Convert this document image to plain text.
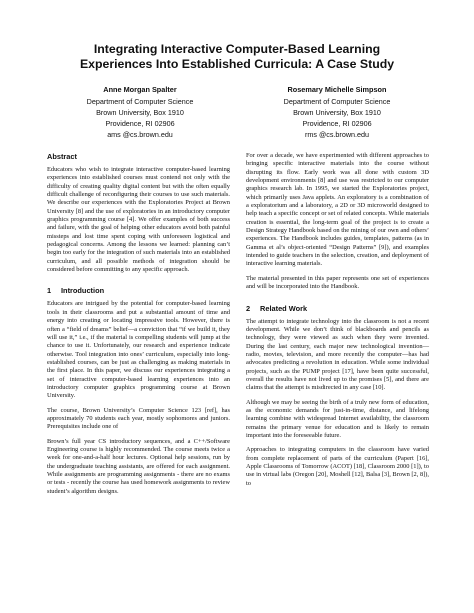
Integrating Interactive Computer-Based Learning
Experiences Into Established Curricula: A Case Study
Anne Morgan Spalter
Department of Computer Science
Brown University, Box 1910
Providence, RI 02906
ams @cs.brown.edu
Rosemary Michelle Simpson
Department of Computer Science
Brown University, Box 1910
Providence, RI 02906
rms @cs.brown.edu
Abstract

Educators who wish to integrate interactive computer-based learning experiences into established courses must contend not only with the difficulty of creating quality digital content but with the often equally difficult challenge of reconfiguring their courses to use such materials. We describe our experiences with the Exploratories Project at Brown University [8] and the use of exploratories in an introductory computer graphics programming course [4]. We offer examples of both success and failure, with the goal of helping other educators avoid both painful missteps and lost time spent coping with unforeseen logistical and pedagogical concerns. Among the lessons we learned: planning can’t begin too early for the integration of such materials into an established curriculum, and all possible methods of integration should be considered before committing to any specific approach.

1 Introduction

Educators are intrigued by the potential for computer-based learning tools in their classrooms and put a substantial amount of time and energy into creating or locating impressive tools. However, there is often a “field of dreams” belief—a conviction that “if we build it, they will use it,” i.e., if the material is compelling students will jump at the chance to use it. Unfortunately, our research and experience indicate otherwise. Tool integration into ones’ curriculum, especially into long-established courses, can be just as challenging as making materials in the first place. In this paper, we discuss our experiences integrating a set of interactive computer-based learning experiences into an introductory computer graphics programming course at Brown University.

The course, Brown University’s Computer Science 123 [ref], has approximately 70 students each year, mostly sophomores and juniors. Prerequisites include one of

Brown’s full year CS introductory sequences, and a C++/Software Engineering course is highly recommended. The course meets twice a week for one-and-a-half hour lectures. Optional help sessions, run by the undergraduate teaching assistants, are offered for each assignment. While assignments are programming assignments - there are no exams or tests - recently the course has used homework assignments to review student’s algorithm designs.

For over a decade, we have experimented with different approaches to bringing specific interactive materials into the course without disrupting its flow. Early work was all done with custom 3D development environments [8] and use was restricted to our computer graphics research lab. In 1995, we started the Exploratories project, which primarily uses Java applets. An exploratory is a combination of a exploratorium and a laboratory, a 2D or 3D microworld designed to help teach a specific concept or set of related concepts. While materials creation is essential, the long-term goal of the project is to create a Design Strategy Handbook based on the mining of our own and others’ experiences. The Handbook includes guides, templates, patterns (as in Gamma et al’s object-oriented “Design Patterns” [9]), and examples intended to guide teachers in the selection, creation, and deployment of interactive learning materials.

The material presented in this paper represents one set of experiences and will be incorporated into the Handbook.

2 Related Work

The attempt to integrate technology into the classroom is not a recent development. While we don’t think of blackboards and pencils as technology, they were viewed as such when they were invented. During the last century, each major new technological invention—radio, movies, television, and more recently the computer—has had advocates predicting a revolution in education. While some individual projects, such as the PUMP project [17], have been quite successful, overall the results have not lived up to the promises [5], and there are claims that the attempt is misdirected in any case [10].

Although we may be seeing the birth of a truly new form of education, as the economic demands for just-in-time, distance, and lifelong learning combine with widespread Internet availability, the classroom remains the primary venue for education and is likely to remain important into the foreseeable future.

Approaches to integrating computers in the classroom have varied from complete replacement of parts of the curriculum (Papert [16], Apple Classrooms of Tomorrow (ACOT) [18], Classroom 2000 [1]), to use in virtual labs (Oregon [20], Moshell [12], Balsa [3], Brown [2, 8]), to
